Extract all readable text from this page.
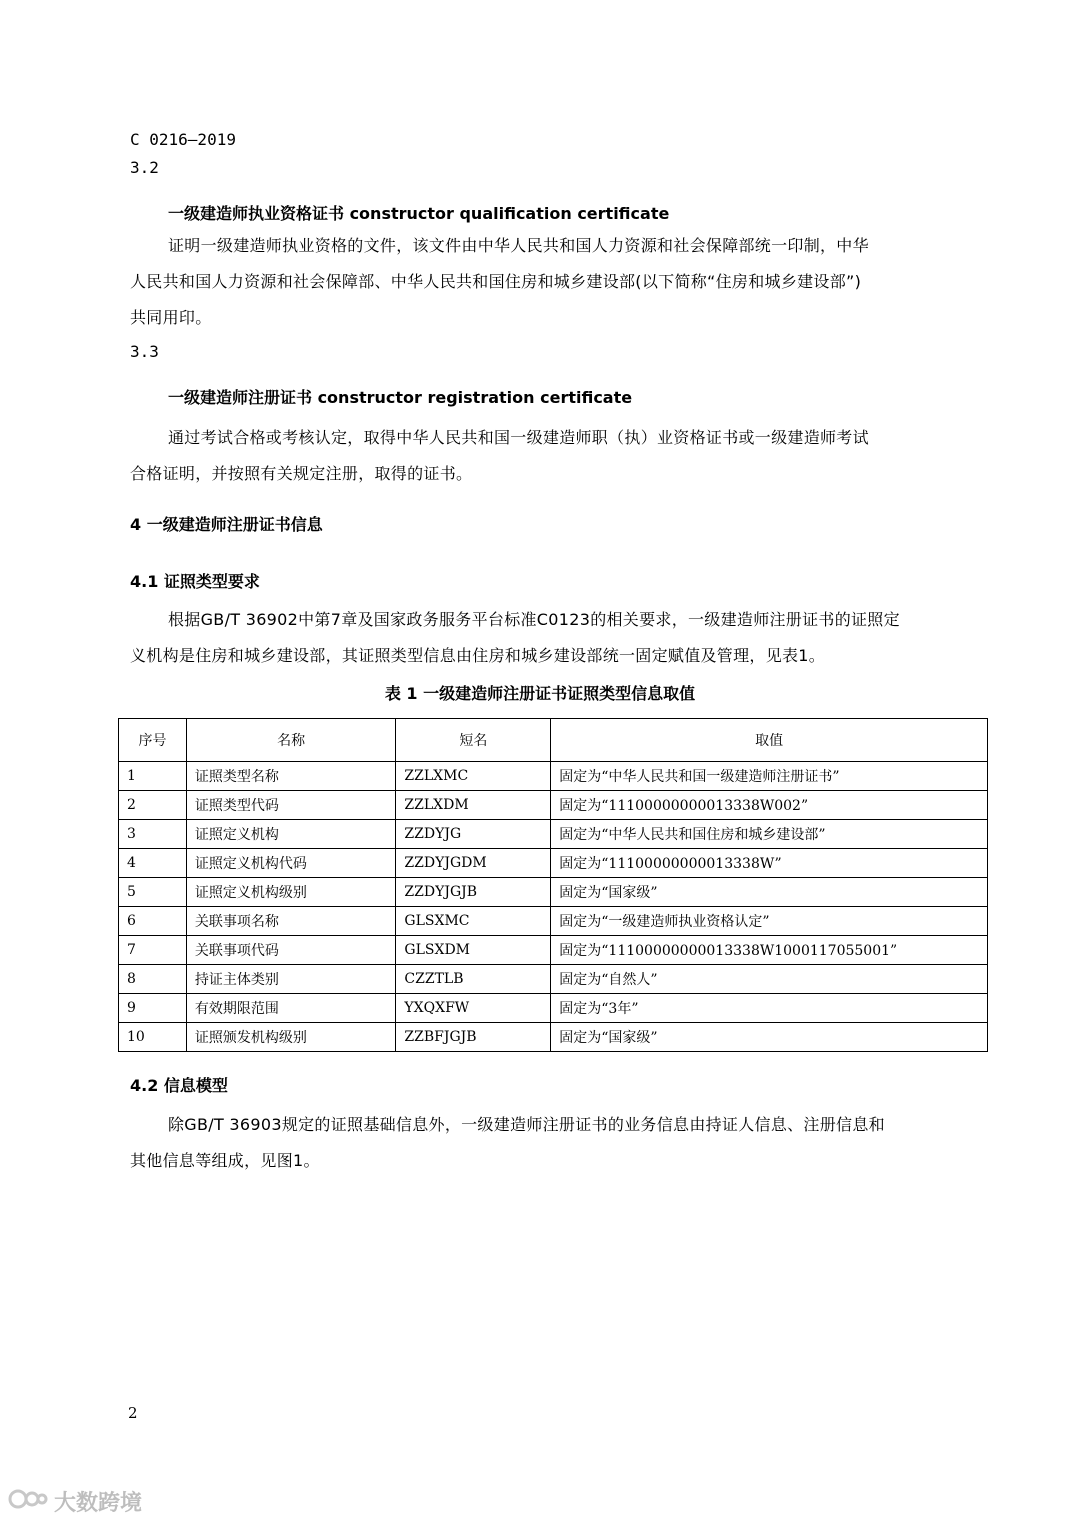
C 0216—2019
3.2
一级建造师执业资格证书 constructor qualification certificate
证明一级建造师执业资格的文件，该文件由中华人民共和国人力资源和社会保障部统一印制，中华
人民共和国人力资源和社会保障部、中华人民共和国住房和城乡建设部(以下简称“住房和城乡建设部”)
共同用印。
3.3
一级建造师注册证书 constructor registration certificate
通过考试合格或考核认定，取得中华人民共和国一级建造师职（执）业资格证书或一级建造师考试
合格证明，并按照有关规定注册，取得的证书。
4 一级建造师注册证书信息
4.1 证照类型要求
根据GB/T 36902中第7章及国家政务服务平台标准C0123的相关要求，一级建造师注册证书的证照定
义机构是住房和城乡建设部，其证照类型信息由住房和城乡建设部统一固定赋值及管理，见表1。
表 1 一级建造师注册证书证照类型信息取值
序号	名称	短名	取值
1	证照类型名称	ZZLXMC	固定为“中华人民共和国一级建造师注册证书”
2	证照类型代码	ZZLXDM	固定为“11100000000013338W002”
3	证照定义机构	ZZDYJG	固定为“中华人民共和国住房和城乡建设部”
4	证照定义机构代码	ZZDYJGDM	固定为“11100000000013338W”
5	证照定义机构级别	ZZDYJGJB	固定为“国家级”
6	关联事项名称	GLSXMC	固定为“一级建造师执业资格认定”
7	关联事项代码	GLSXDM	固定为“11100000000013338W1000117055001”
8	持证主体类别	CZZTLB	固定为“自然人”
9	有效期限范围	YXQXFW	固定为“3年”
10	证照颁发机构级别	ZZBFJGJB	固定为“国家级”
4.2 信息模型
除GB/T 36903规定的证照基础信息外，一级建造师注册证书的业务信息由持证人信息、注册信息和
其他信息等组成，见图1。
2
大数跨境
